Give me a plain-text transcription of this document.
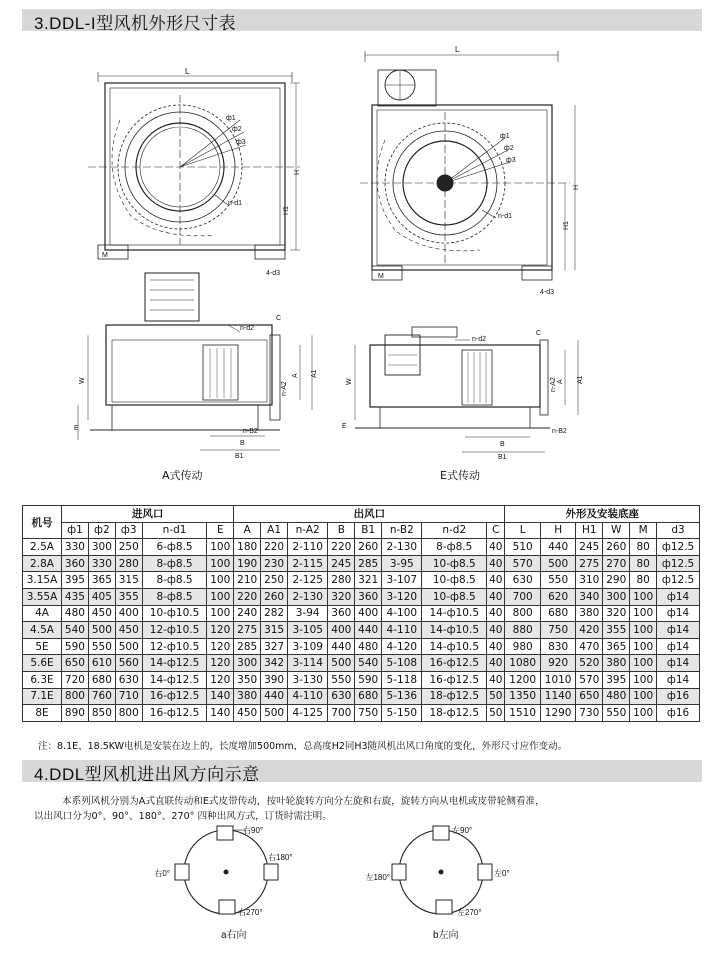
3.DDL-I型风机外形尺寸表
L
ф1
ф2
ф3
n-d1
H
H1
M
4-d3
L
ф1
ф2
ф3
n-d1
H
H1
M
4-d3
W
E
A A1
n-A2
n-d2
C
B
B1
n-B2
W
E
A A1
n-A2
n-d2
C
B
B1
n-B2
A式传动	E式传动
机号	进风口					出风口								外形及安装底座					
	ф1	ф2	ф3	n-d1	E	A	A1	n-A2	B	B1	n-B2	n-d2	C	L	H	H1	W	M	d3
2.5A	330	300	250	6-ф8.5	100	180	220	2-110	220	260	2-130	8-ф8.5	40	510	440	245	260	80	ф12.5
2.8A	360	330	280	8-ф8.5	100	190	230	2-115	245	285	3-95	10-ф8.5	40	570	500	275	270	80	ф12.5
3.15A	395	365	315	8-ф8.5	100	210	250	2-125	280	321	3-107	10-ф8.5	40	630	550	310	290	80	ф12.5
3.55A	435	405	355	8-ф8.5	100	220	260	2-130	320	360	3-120	10-ф8.5	40	700	620	340	300	100	ф14
4A	480	450	400	10-ф10.5	100	240	282	3-94	360	400	4-100	14-ф10.5	40	800	680	380	320	100	ф14
4.5A	540	500	450	12-ф10.5	120	275	315	3-105	400	440	4-110	14-ф10.5	40	880	750	420	355	100	ф14
5E	590	550	500	12-ф10.5	120	285	327	3-109	440	480	4-120	14-ф10.5	40	980	830	470	365	100	ф14
5.6E	650	610	560	14-ф12.5	120	300	342	3-114	500	540	5-108	16-ф12.5	40	1080	920	520	380	100	ф14
6.3E	720	680	630	14-ф12.5	120	350	390	3-130	550	590	5-118	16-ф12.5	40	1200	1010	570	395	100	ф14
7.1E	800	760	710	16-ф12.5	140	380	440	4-110	630	680	5-136	18-ф12.5	50	1350	1140	650	480	100	ф16
8E	890	850	800	16-ф12.5	140	450	500	4-125	700	750	5-150	18-ф12.5	50	1510	1290	730	550	100	ф16
注：8.1E、18.5KW电机是安装在边上的，长度增加500mm，总高度H2同H3随风机出风口角度的变化，外形尺寸应作变动。
4.DDL型风机进出风方向示意
本系列风机分别为A式直联传动和E式皮带传动，按叶轮旋转方向分左旋和右旋，旋转方向从电机或皮带轮侧看准，
以出风口分为0°、90°、180°、270° 四种出风方式，订货时需注明。
右90°
右180°
右0°
右270°
a右向
左90°
左180°	左0°
左270°
b左向
